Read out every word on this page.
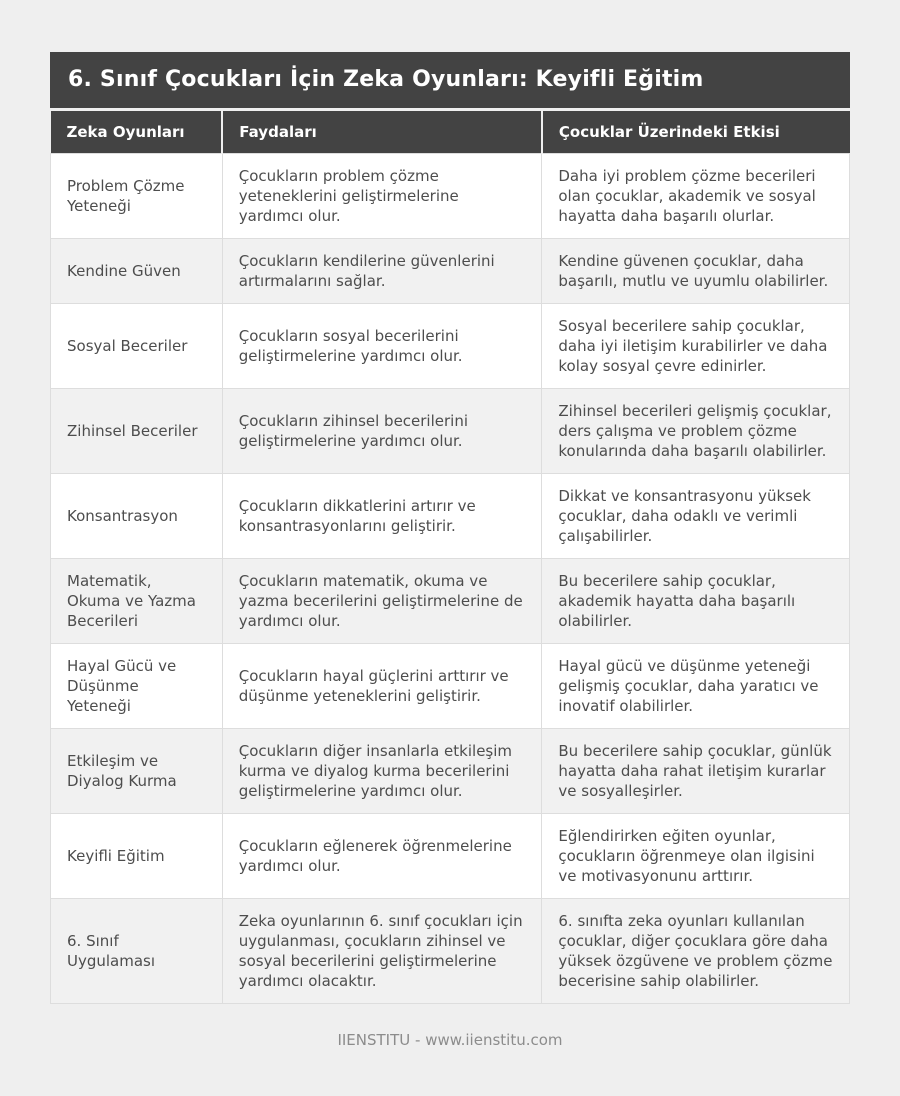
6. Sınıf Çocukları İçin Zeka Oyunları: Keyifli Eğitim
Zeka Oyunları	Faydaları	Çocuklar Üzerindeki Etkisi
Problem Çözme Yeteneği	Çocukların problem çözme yeteneklerini geliştirmelerine yardımcı olur.	Daha iyi problem çözme becerileri olan çocuklar, akademik ve sosyal hayatta daha başarılı olurlar.
Kendine Güven	Çocukların kendilerine güvenlerini artırmalarını sağlar.	Kendine güvenen çocuklar, daha başarılı, mutlu ve uyumlu olabilirler.
Sosyal Beceriler	Çocukların sosyal becerilerini geliştirmelerine yardımcı olur.	Sosyal becerilere sahip çocuklar, daha iyi iletişim kurabilirler ve daha kolay sosyal çevre edinirler.
Zihinsel Beceriler	Çocukların zihinsel becerilerini geliştirmelerine yardımcı olur.	Zihinsel becerileri gelişmiş çocuklar, ders çalışma ve problem çözme konularında daha başarılı olabilirler.
Konsantrasyon	Çocukların dikkatlerini artırır ve konsantrasyonlarını geliştirir.	Dikkat ve konsantrasyonu yüksek çocuklar, daha odaklı ve verimli çalışabilirler.
Matematik, Okuma ve Yazma Becerileri	Çocukların matematik, okuma ve yazma becerilerini geliştirmelerine de yardımcı olur.	Bu becerilere sahip çocuklar, akademik hayatta daha başarılı olabilirler.
Hayal Gücü ve Düşünme Yeteneği	Çocukların hayal güçlerini arttırır ve düşünme yeteneklerini geliştirir.	Hayal gücü ve düşünme yeteneği gelişmiş çocuklar, daha yaratıcı ve inovatif olabilirler.
Etkileşim ve Diyalog Kurma	Çocukların diğer insanlarla etkileşim kurma ve diyalog kurma becerilerini geliştirmelerine yardımcı olur.	Bu becerilere sahip çocuklar, günlük hayatta daha rahat iletişim kurarlar ve sosyalleşirler.
Keyifli Eğitim	Çocukların eğlenerek öğrenmelerine yardımcı olur.	Eğlendirirken eğiten oyunlar, çocukların öğrenmeye olan ilgisini ve motivasyonunu arttırır.
6. Sınıf Uygulaması	Zeka oyunlarının 6. sınıf çocukları için uygulanması, çocukların zihinsel ve sosyal becerilerini geliştirmelerine yardımcı olacaktır.	6. sınıfta zeka oyunları kullanılan çocuklar, diğer çocuklara göre daha yüksek özgüvene ve problem çözme becerisine sahip olabilirler.
IIENSTITU - www.iienstitu.com
